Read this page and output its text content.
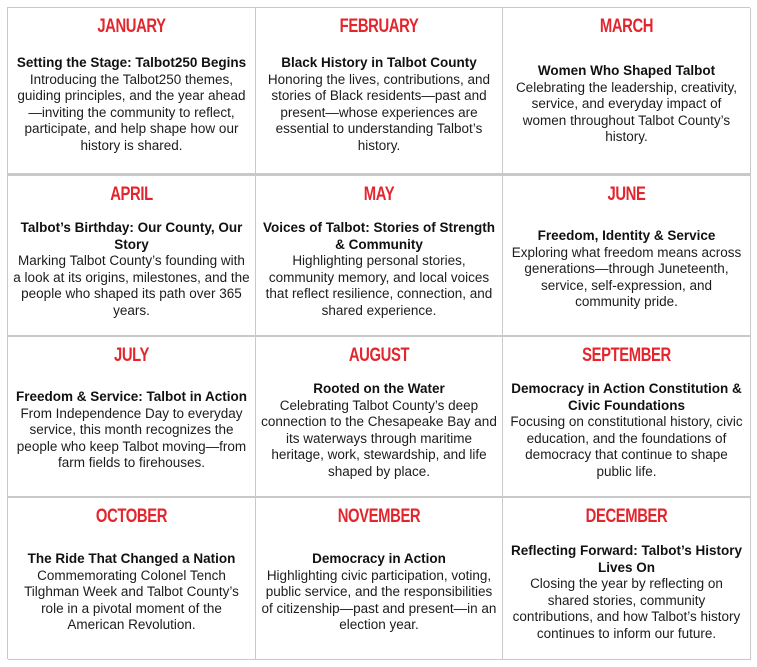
JANUARY

Setting the Stage: Talbot250 Begins

Introducing the Talbot250 themes, guiding principles, and the year ahead—inviting the community to reflect, participate, and help shape how our history is shared.

FEBRUARY

Black History in Talbot County

Honoring the lives, contributions, and stories of Black residents—past and present—whose experiences are essential to understanding Talbot’s history.

MARCH

Women Who Shaped Talbot

Celebrating the leadership, creativity, service, and everyday impact of women throughout Talbot County’s history.

APRIL

Talbot’s Birthday: Our County, Our Story

Marking Talbot County’s founding with a look at its origins, milestones, and the people who shaped its path over 365 years.

MAY

Voices of Talbot: Stories of Strength & Community

Highlighting personal stories, community memory, and local voices that reflect resilience, connection, and shared experience.

JUNE

Freedom, Identity & Service

Exploring what freedom means across generations—through Juneteenth, service, self-expression, and community pride.

JULY

Freedom & Service: Talbot in Action

From Independence Day to everyday service, this month recognizes the people who keep Talbot moving—from farm fields to firehouses.

AUGUST

Rooted on the Water

Celebrating Talbot County’s deep connection to the Chesapeake Bay and its waterways through maritime heritage, work, stewardship, and life shaped by place.

SEPTEMBER

Democracy in Action Constitution & Civic Foundations

Focusing on constitutional history, civic education, and the foundations of democracy that continue to shape public life.

OCTOBER

The Ride That Changed a Nation

Commemorating Colonel Tench Tilghman Week and Talbot County’s role in a pivotal moment of the American Revolution.

NOVEMBER

Democracy in Action

Highlighting civic participation, voting, public service, and the responsibilities of citizenship—past and present—in an election year.

DECEMBER

Reflecting Forward: Talbot’s History Lives On

Closing the year by reflecting on shared stories, community contributions, and how Talbot’s history continues to inform our future.
